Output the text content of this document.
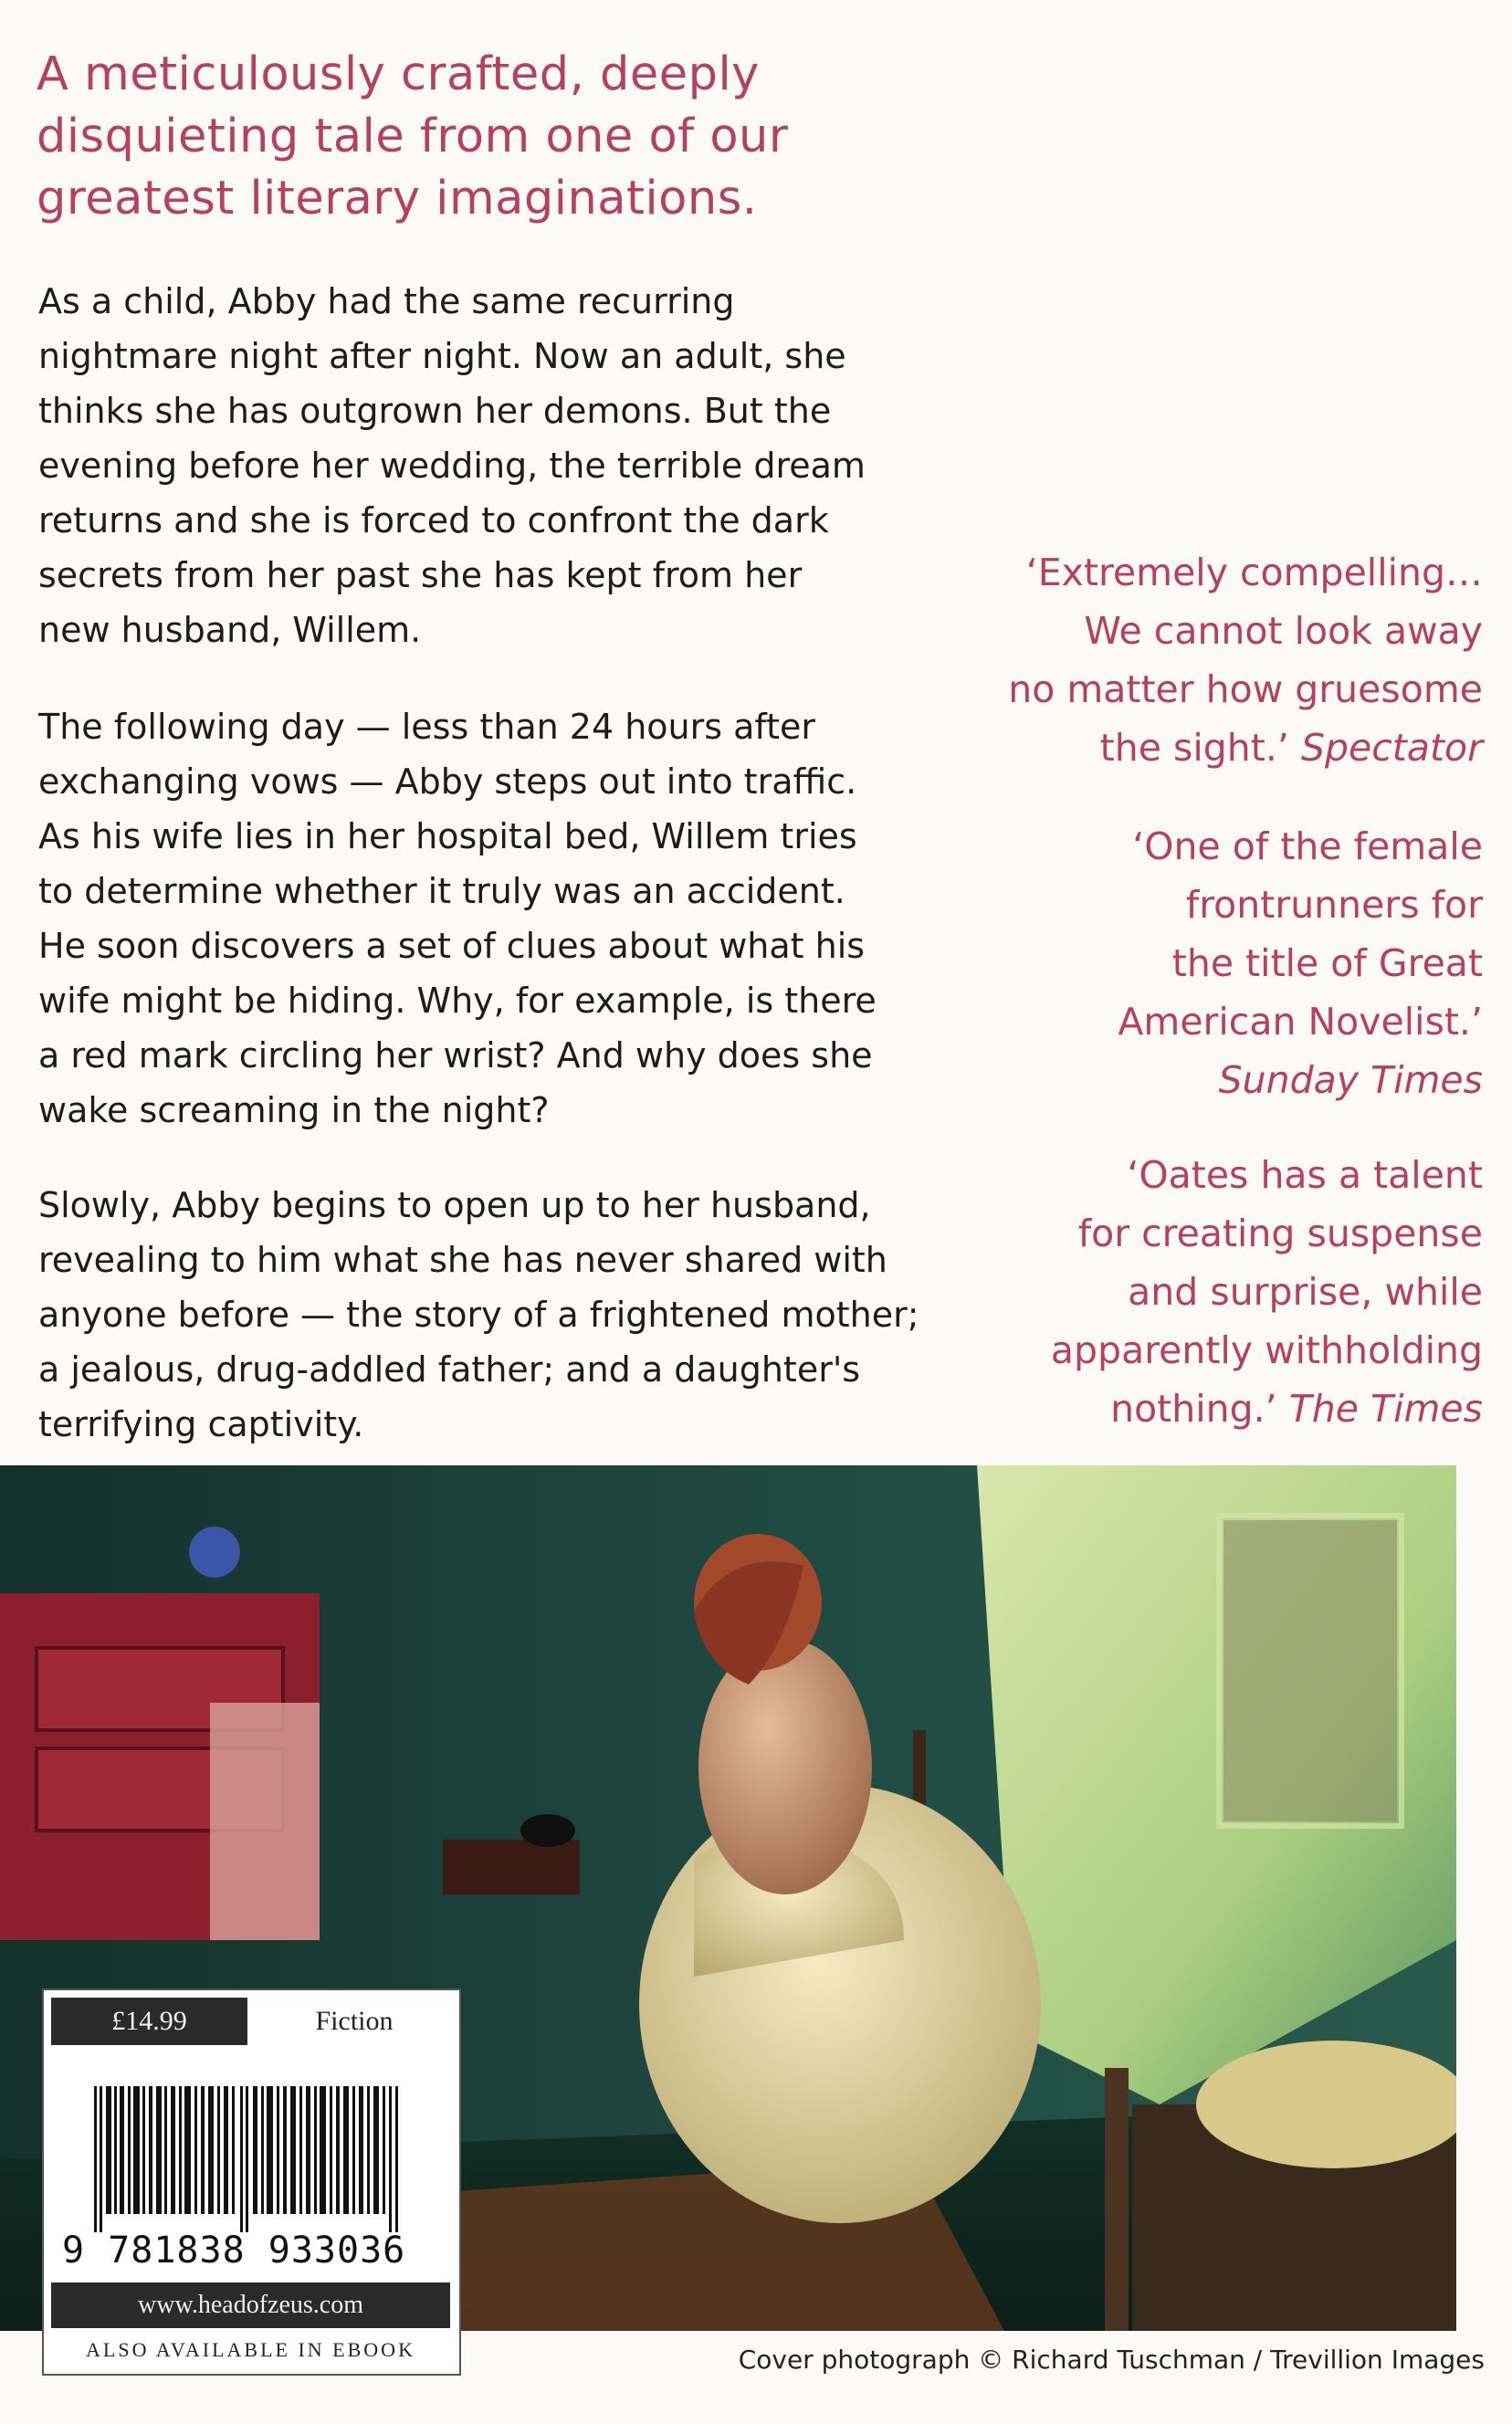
A meticulously crafted, deeply
disquieting tale from one of our
greatest literary imaginations.

As a child, Abby had the same recurring
nightmare night after night. Now an adult, she
thinks she has outgrown her demons. But the
evening before her wedding, the terrible dream
returns and she is forced to confront the dark
secrets from her past she has kept from her
new husband, Willem.

The following day — less than 24 hours after
exchanging vows — Abby steps out into traffic.
As his wife lies in her hospital bed, Willem tries
to determine whether it truly was an accident.
He soon discovers a set of clues about what his
wife might be hiding. Why, for example, is there
a red mark circling her wrist? And why does she
wake screaming in the night?

Slowly, Abby begins to open up to her husband,
revealing to him what she has never shared with
anyone before — the story of a frightened mother;
a jealous, drug-addled father; and a daughter's
terrifying captivity.

‘Extremely compelling…
We cannot look away
no matter how gruesome
the sight.’ Spectator
‘One of the female
frontrunners for
the title of Great
American Novelist.’
Sunday Times
‘Oates has a talent
for creating suspense
and surprise, while
apparently withholding
nothing.’ The Times
Cover photograph © Richard Tuschman / Trevillion Images
£14.99	Fiction
9 781838 933036
www.headofzeus.com
ALSO AVAILABLE IN EBOOK
